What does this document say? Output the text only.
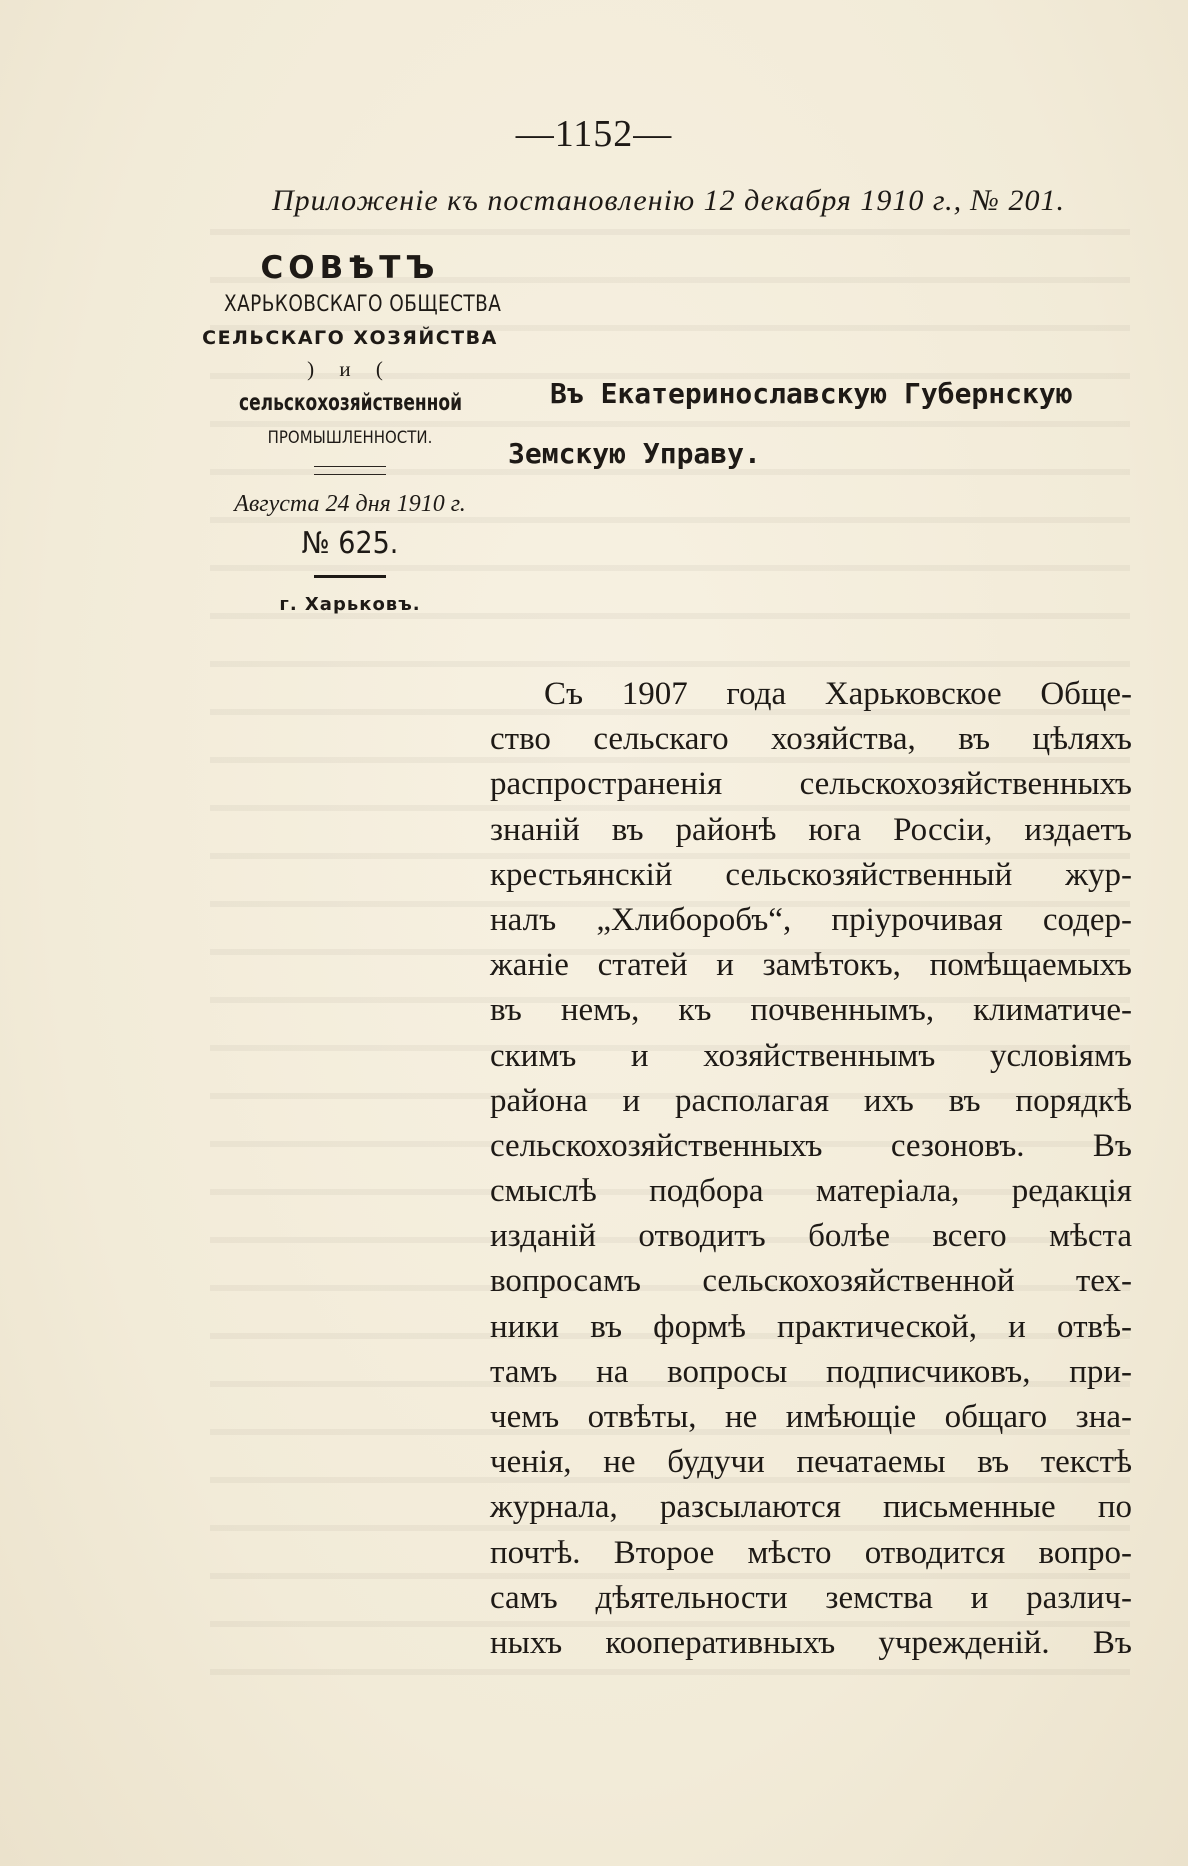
—1152—
Приложенiе къ постановленiю 12 декабря 1910 г., № 201.
СОВѢТЪ
ХАРЬКОВСКАГО ОБЩЕСТВА
СЕЛЬСКАГО ХОЗЯЙСТВА
) и (
сельскохозяйственной
ПРОМЫШЛЕННОСТИ.
Августа 24 дня 1910 г.
№ 625.
г. Харьковъ.
Въ Екатеринославскую Губернскую
Земскую Управу.
Съ 1907 года Харьковское Обще-
ство сельскаго хозяйства, въ цѣляхъ
распространенiя сельскохозяйственныхъ
знанiй въ районѣ юга Россiи, издаетъ
крестьянскiй сельскозяйственный жур-
налъ „Хлиборобъ“, прiурочивая содер-
жанiе статей и замѣтокъ, помѣщаемыхъ
въ немъ, къ почвеннымъ, климатиче-
скимъ и хозяйственнымъ условiямъ
района и располагая ихъ въ порядкѣ
сельскохозяйственныхъ сезоновъ. Въ
смыслѣ подбора матерiала, редакцiя
изданiй отводитъ болѣе всего мѣста
вопросамъ сельскохозяйственной тех-
ники въ формѣ практической, и отвѣ-
тамъ на вопросы подписчиковъ, при-
чемъ отвѣты, не имѣющiе общаго зна-
ченiя, не будучи печатаемы въ текстѣ
журнала, разсылаются письменные по
почтѣ. Второе мѣсто отводится вопро-
самъ дѣятельности земства и различ-
ныхъ кооперативныхъ учрежденiй. Въ
